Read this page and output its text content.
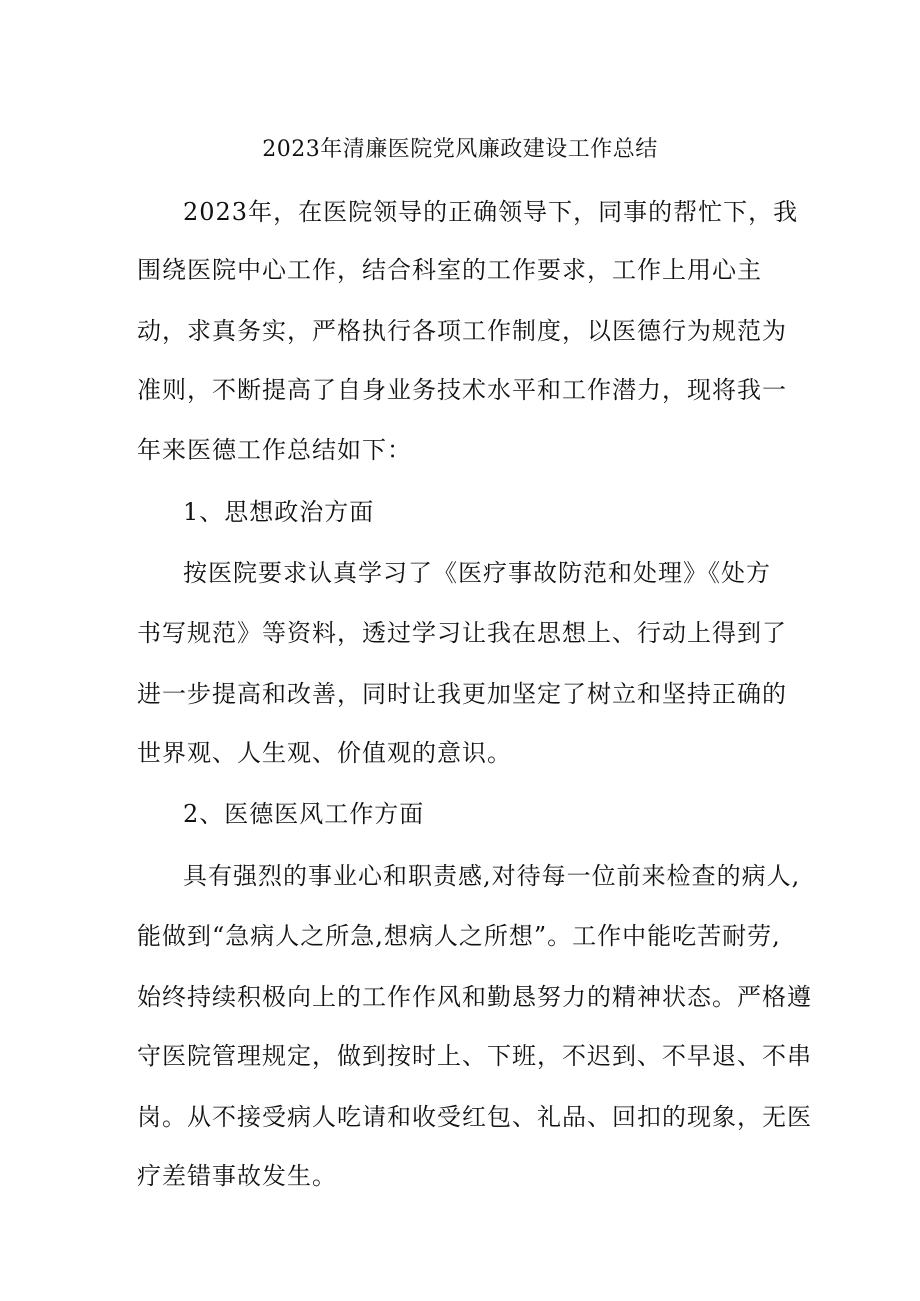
2023年清廉医院党风廉政建设工作总结
2023年，在医院领导的正确领导下，同事的帮忙下，我
围绕医院中心工作，结合科室的工作要求，工作上用心主
动，求真务实，严格执行各项工作制度，以医德行为规范为
准则，不断提高了自身业务技术水平和工作潜力，现将我一
年来医德工作总结如下：
1、思想政治方面
按医院要求认真学习了《医疗事故防范和处理》《处方
书写规范》等资料，透过学习让我在思想上、行动上得到了
进一步提高和改善，同时让我更加坚定了树立和坚持正确的
世界观、人生观、价值观的意识。
2、医德医风工作方面
具有强烈的事业心和职责感,对待每一位前来检查的病人,
能做到“急病人之所急,想病人之所想”。工作中能吃苦耐劳,
始终持续积极向上的工作作风和勤恳努力的精神状态。严格遵
守医院管理规定，做到按时上、下班，不迟到、不早退、不串
岗。从不接受病人吃请和收受红包、礼品、回扣的现象，无医
疗差错事故发生。
